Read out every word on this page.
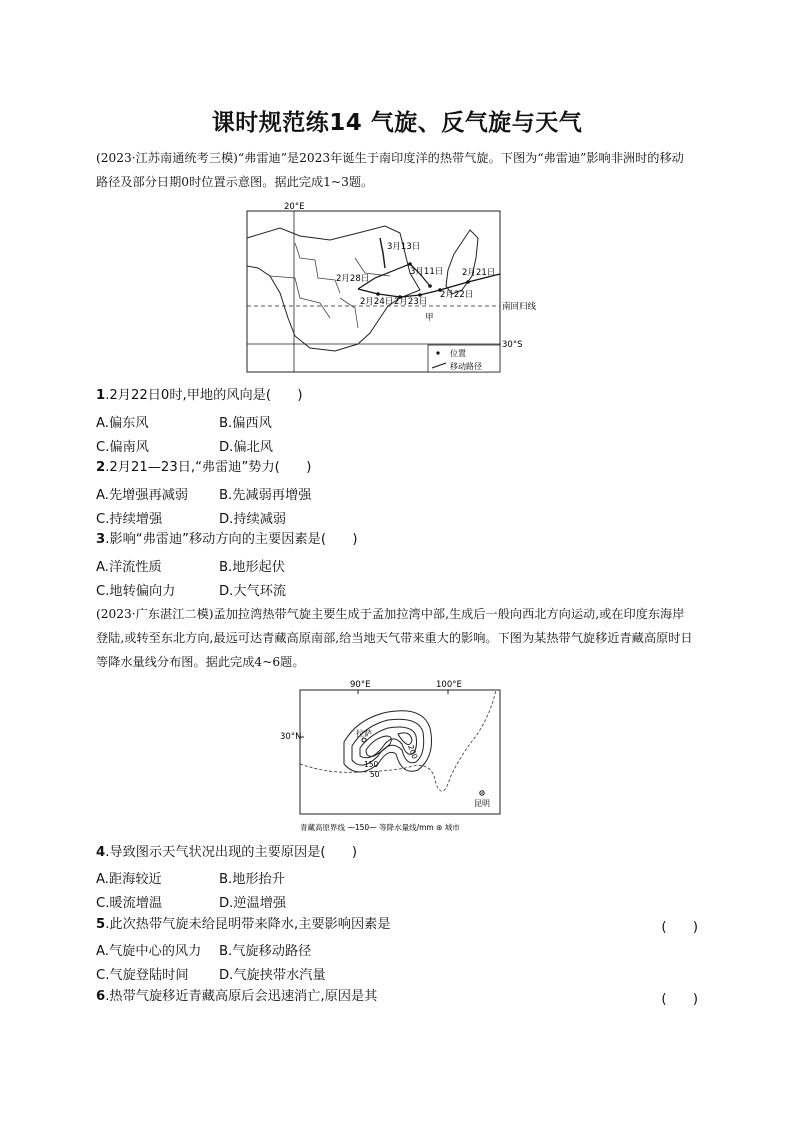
课时规范练14 气旋、反气旋与天气
(2023·江苏南通统考三模)“弗雷迪”是2023年诞生于南印度洋的热带气旋。下图为“弗雷迪”影响非洲时的移动路径及部分日期0时位置示意图。据此完成1~3题。
20°E
30°S
南回归线
甲
3月13日
3月11日 2月21日
2月28日
2月22日
2月24日 2月23日
位置
移动路径
1.2月22日0时,甲地的风向是(　　)
A.偏东风	B.偏西风
C.偏南风	D.偏北风
2.2月21—23日,“弗雷迪”势力(　　)
A.先增强再减弱 B.先减弱再增强
C.持续增强	D.持续减弱
3.影响“弗雷迪”移动方向的主要因素是(　　)
A.洋流性质	B.地形起伏
C.地转偏向力	D.大气环流
(2023·广东湛江二模)孟加拉湾热带气旋主要生成于孟加拉湾中部,生成后一般向西北方向运动,或在印度东海岸登陆,或转至东北方向,最远可达青藏高原南部,给当地天气带来重大的影响。下图为某热带气旋移近青藏高原时日等降水量线分布图。据此完成4~6题。
90°E	100°E
30°N	拉萨
200
150
50
昆明
青藏高原界线 ⁓150⁓ 等降水量线/mm ⊛ 城市
4.导致图示天气状况出现的主要原因是(　　)
A.距海较近	B.地形抬升
C.暖流增温	D.逆温增强
5.此次热带气旋未给昆明带来降水,主要影响因素是	(　　)
A.气旋中心的风力 B.气旋移动路径
C.气旋登陆时间 D.气旋挟带水汽量
6.热带气旋移近青藏高原后会迅速消亡,原因是其	(　　)
